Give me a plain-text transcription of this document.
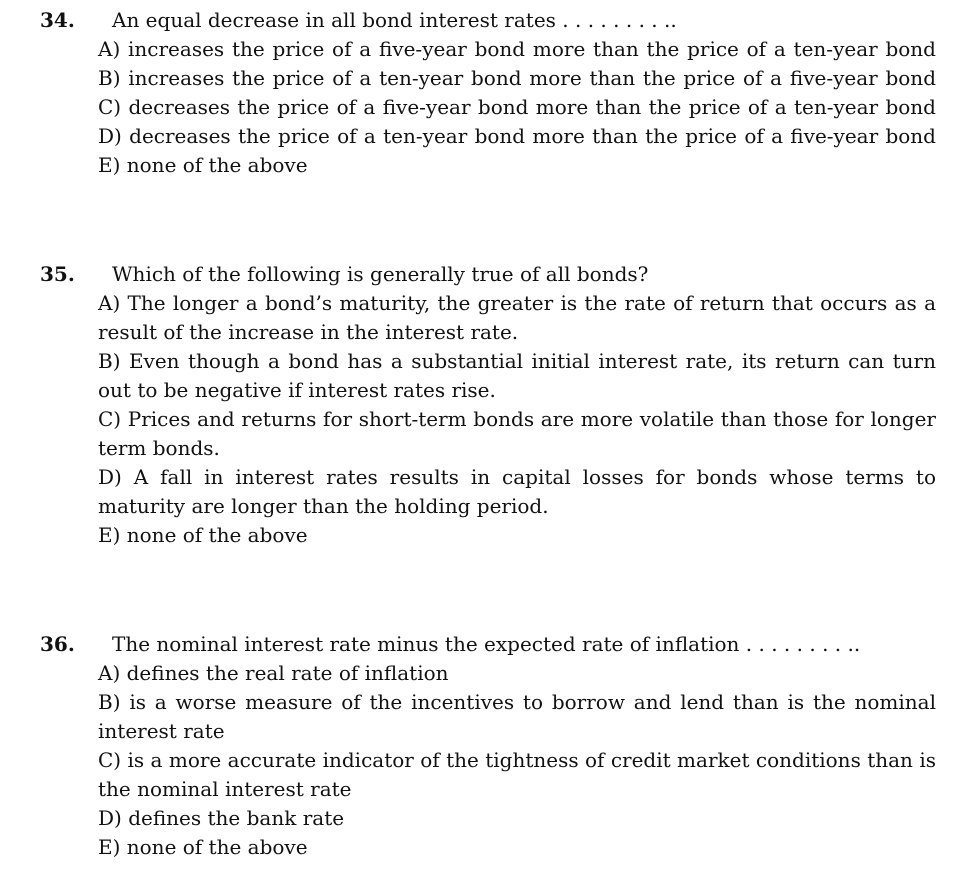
34. An equal decrease in all bond interest rates . . . . . . . . ..

A) increases the price of a five-year bond more than the price of a ten-year bond

B) increases the price of a ten-year bond more than the price of a five-year bond

C) decreases the price of a five-year bond more than the price of a ten-year bond

D) decreases the price of a ten-year bond more than the price of a five-year bond

E) none of the above

35. Which of the following is generally true of all bonds?

A) The longer a bond’s maturity, the greater is the rate of return that occurs as a result of the increase in the interest rate.

B) Even though a bond has a substantial initial interest rate, its return can turn out to be negative if interest rates rise.

C) Prices and returns for short-term bonds are more volatile than those for longer term bonds.

D) A fall in interest rates results in capital losses for bonds whose terms to maturity are longer than the holding period.

E) none of the above

36. The nominal interest rate minus the expected rate of inflation . . . . . . . . ..

A) defines the real rate of inflation

B) is a worse measure of the incentives to borrow and lend than is the nominal interest rate

C) is a more accurate indicator of the tightness of credit market conditions than is the nominal interest rate

D) defines the bank rate

E) none of the above
